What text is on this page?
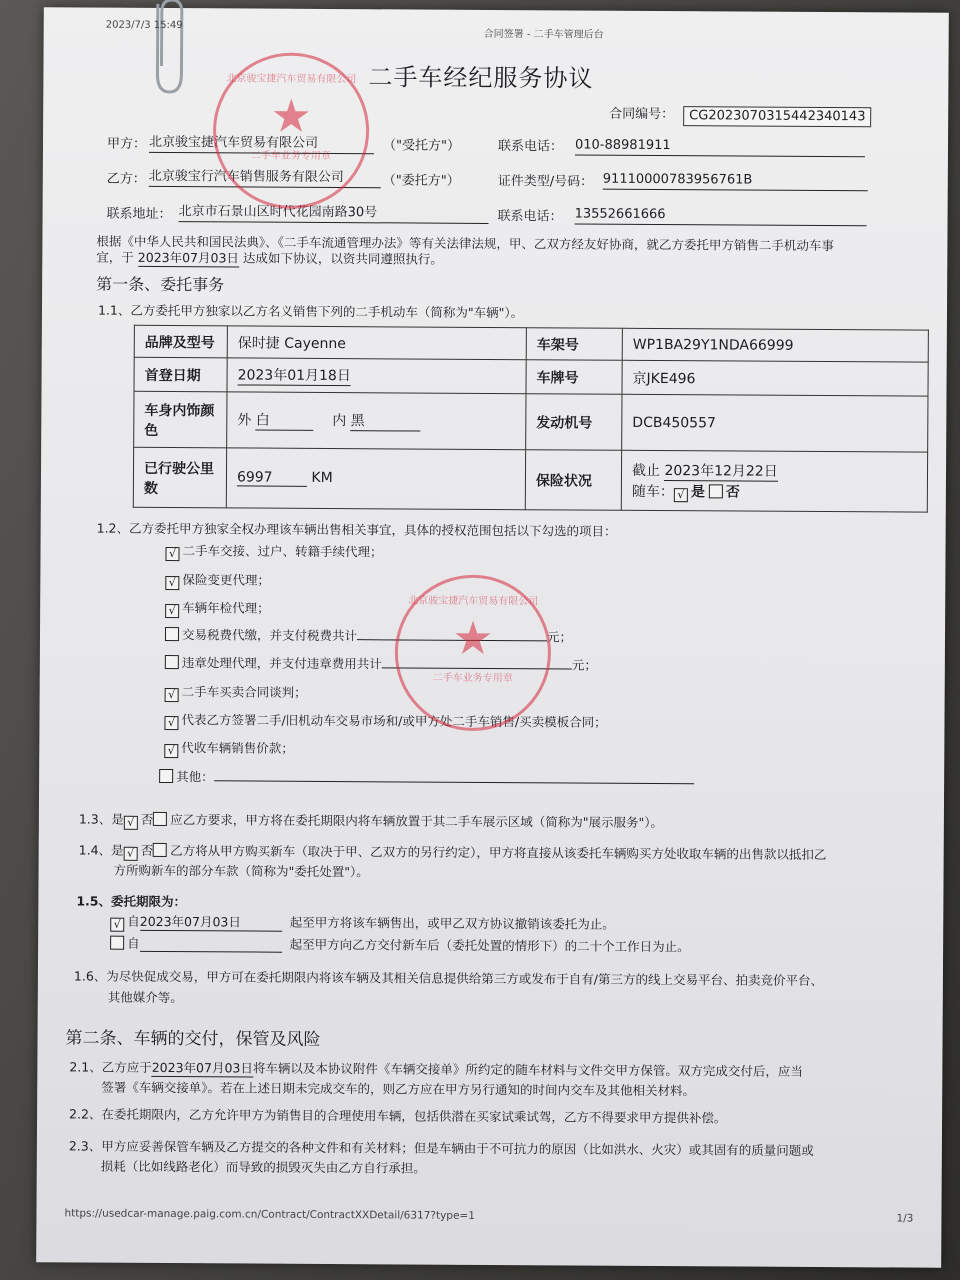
2023/7/3 15:49
合同签署 - 二手车管理后台
二手车经纪服务协议
合同编号：	CG2023070315442340143
甲方： 北京骏宝捷汽车贸易有限公司	（"受托方"）	联系电话： 010-88981911
乙方： 北京骏宝行汽车销售服务有限公司	（"委托方"）	证件类型/号码： 91110000783956761B
联系地址： 北京市石景山区时代花园南路30号	联系电话： 13552661666
根据《中华人民共和国民法典》、《二手车流通管理办法》等有关法律法规，甲、乙双方经友好协商，就乙方委托甲方销售二手机动车事
宜，于 2023年07月03日 达成如下协议，以资共同遵照执行。
第一条、委托事务
1.1、乙方委托甲方独家以乙方名义销售下列的二手机动车（简称为"车辆"）。
品牌及型号	保时捷 Cayenne	车架号	WP1BA29Y1NDA66999
首登日期	2023年01月18日	车牌号	京JKE496
车身内饰颜色	外 白 内 黑	发动机号	DCB450557
已行驶公里数	6997 KM	保险状况	截止 2023年12月22日
随车： √ 是 否
1.2、乙方委托甲方独家全权办理该车辆出售相关事宜，具体的授权范围包括以下勾选的项目：
√ 二手车交接、过户、转籍手续代理；
√ 保险变更代理；
√ 车辆年检代理；
交易税费代缴，并支付税费共计	元；
违章处理代理，并支付违章费用共计	元；
√ 二手车买卖合同谈判；
√ 代表乙方签署二手/旧机动车交易市场和/或甲方处二手车销售/买卖模板合同；
√ 代收车辆销售价款；
其他：
1.3、是 √ 否 应乙方要求，甲方将在委托期限内将车辆放置于其二手车展示区域（简称为"展示服务"）。
1.4、是 √ 否 乙方将从甲方购买新车（取决于甲、乙双方的另行约定），甲方将直接从该委托车辆购买方处收取车辆的出售款以抵扣乙
方所购新车的部分车款（简称为"委托处置"）。
1.5、委托期限为：
√ 自2023年07月03日	起至甲方将该车辆售出，或甲乙双方协议撤销该委托为止。
自	起至甲方向乙方交付新车后（委托处置的情形下）的二十个工作日为止。
1.6、为尽快促成交易，甲方可在委托期限内将该车辆及其相关信息提供给第三方或发布于自有/第三方的线上交易平台、拍卖竞价平台、
其他媒介等。
第二条、车辆的交付，保管及风险
2.1、乙方应于2023年07月03日将车辆以及本协议附件《车辆交接单》所约定的随车材料与文件交甲方保管。双方完成交付后，应当
签署《车辆交接单》。若在上述日期未完成交车的，则乙方应在甲方另行通知的时间内交车及其他相关材料。
2.2、在委托期限内，乙方允许甲方为销售目的合理使用车辆，包括供潜在买家试乘试驾，乙方不得要求甲方提供补偿。
2.3、甲方应妥善保管车辆及乙方提交的各种文件和有关材料；但是车辆由于不可抗力的原因（比如洪水、火灾）或其固有的质量问题或
损耗（比如线路老化）而导致的损毁灭失由乙方自行承担。
https://usedcar-manage.paig.com.cn/Contract/ContractXXDetail/6317?type=1	1/3
北京骏宝捷汽车贸易有限公司
★
二手车业务专用章
北京骏宝捷汽车贸易有限公司
★
二手车业务专用章
